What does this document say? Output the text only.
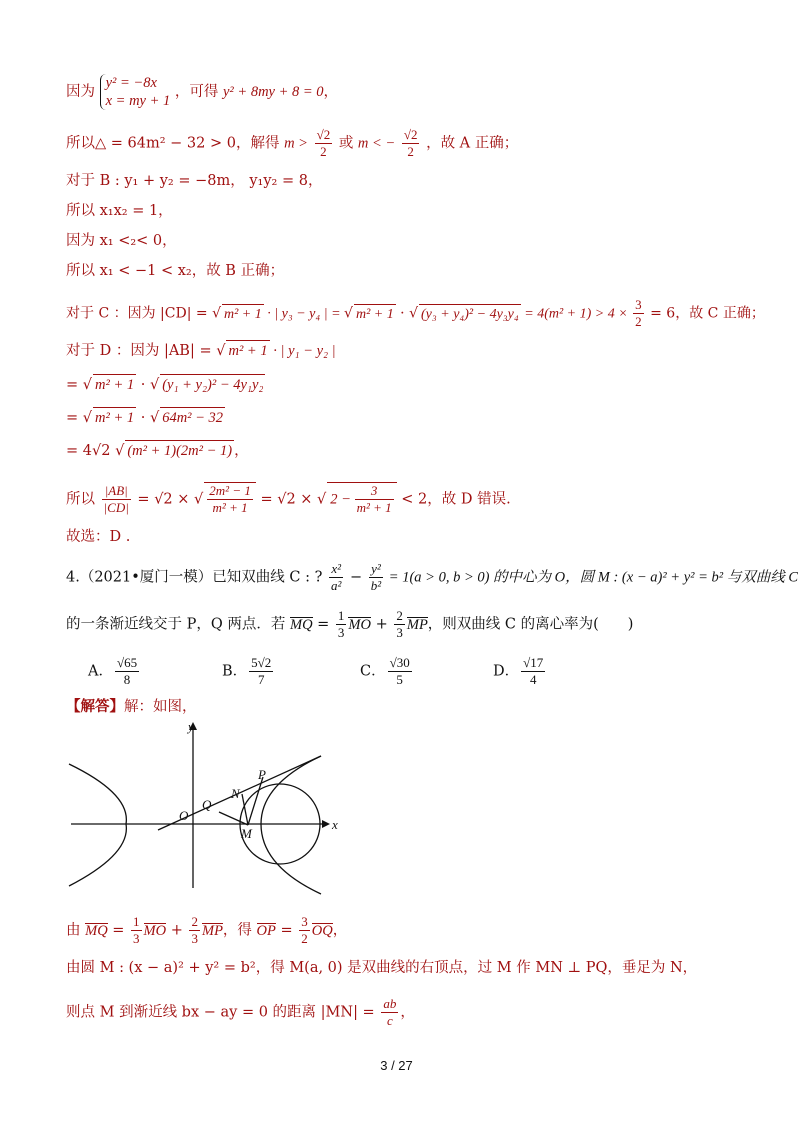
因为
y² = −8x
x = my + 1
，可得 y² + 8my + 8 = 0，
所以△ = 64m² − 32 > 0，解得 $m > \frac{√2}{2}$ 或 m < − $\frac{√2}{2}$ ，故 A 正确；
对于 B : y₁ + y₂ = −8m， y₁y₂ = 8，
所以 x₁x₂ = 1，
因为 x₁ <₂< 0，
所以 x₁ < −1 < x₂，故 B 正确；
对于 C ：因为 |CD| = √ m² + 1 · | y₃ − y₄ | = √ m² + 1 · √ $(y_3 + y_4)^2 - 4y_3y_4 = 4(m^2 + 1) > 4 \times \frac{3}{2} = 6$，故 C 正确；
对于 D ：因为 |AB| = √ m² + 1 · | y₁ − y₂ |
= √ m² + 1 · √ (y₁ + y₂)² − 4y₁y₂
= √ m² + 1 · √ 64m² − 32
= 4√2 √ (m² + 1)(2m² − 1) ，
所以 $\frac{|AB|}{|CD|} = √2$ × √ $\frac{\text{2m² − 1}}{\text{m² + 1}} = √2$ × √ $2 - \frac{3}{\text{m² + 1}} < 2$，故 D 错误.
故选：D .
4.（2021•厦门一模）已知双曲线 C : ? $\frac{\text{x²}}{\text{a²}} - \frac{\text{y²}}{\text{b²}} = 1(a > 0$, b > 0) 的中心为 O，圆 M : (x − a)² + y² = b² 与双曲线 C
的一条渐近线交于 P，Q 两点．若 MQ = $\frac{1}{3}$ MO + $\frac{2}{3}$ MP，则双曲线 C 的离心率为(　　)
A． $\frac{√65}{8}$	B． $\frac{5√2}{7}$	C． $\frac{√30}{5}$	D． $\frac{√17}{4}$
【解答】解：如图，
y
x
O
Q
N
P
M
由 MQ = $\frac{1}{3}$ MO + $\frac{2}{3}$ MP，得 OP = $\frac{3}{2}$ OQ，
由圆 M : (x − a)² + y² = b²，得 M(a, 0) 是双曲线的右顶点，过 M 作 MN ⊥ PQ，垂足为 N，
则点 M 到渐近线 bx − ay = 0 的距离 $|MN| = \frac{ab}{c}$ ，
3 / 27
